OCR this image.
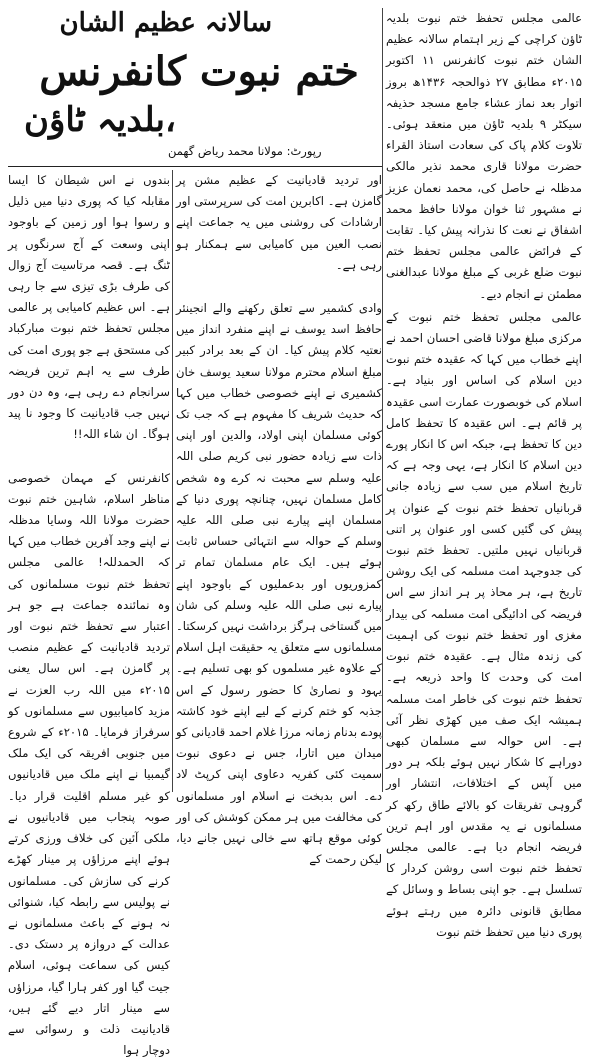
عالمی مجلس تحفظ ختم نبوت بلدیہ ٹاؤن کراچی کے زیر اہتمام سالانہ عظیم الشان ختم نبوت کانفرنس ۱۱ اکتوبر ۲۰۱۵ء مطابق ۲۷ ذوالحجہ ۱۴۳۶ھ بروز اتوار بعد نماز عشاء جامع مسجد حذیفہ سیکٹر ۹ بلدیہ ٹاؤن میں منعقد ہوئی۔ تلاوت کلام پاک کی سعادت استاذ القراء حضرت مولانا قاری محمد نذیر مالکی مدظلہ نے حاصل کی، محمد نعمان عزیز نے مشہور ثنا خوان مولانا حافظ محمد اشفاق نے نعت کا نذرانہ پیش کیا۔ تقابت کے فرائض عالمی مجلس تحفظ ختم نبوت ضلع غربی کے مبلغ مولانا عبدالغنی مطمئن نے انجام دیے۔

عالمی مجلس تحفظ ختم نبوت کے مرکزی مبلغ مولانا قاضی احسان احمد نے اپنے خطاب میں کہا کہ عقیدہ ختم نبوت دین اسلام کی اساس اور بنیاد ہے۔ اسلام کی خوبصورت عمارت اسی عقیدہ پر قائم ہے۔ اس عقیدہ کا تحفظ کامل دین کا تحفظ ہے، جبکہ اس کا انکار پورے دین اسلام کا انکار ہے، یہی وجہ ہے کہ تاریخ اسلام میں سب سے زیادہ جانی قربانیاں تحفظ ختم نبوت کے عنوان پر پیش کی گئیں کسی اور عنوان پر اتنی قربانیاں نہیں ملتیں۔ تحفظ ختم نبوت کی جدوجہد امت مسلمہ کی ایک روشن تاریخ ہے، ہر محاذ پر ہر انداز سے اس فریضہ کی ادائیگی امت مسلمہ کی بیدار مغزی اور تحفظ ختم نبوت کی اہمیت کی زندہ مثال ہے۔ عقیدہ ختم نبوت امت کی وحدت کا واحد ذریعہ ہے۔ تحفظ ختم نبوت کی خاطر امت مسلمہ ہمیشہ ایک صف میں کھڑی نظر آئی ہے۔ اس حوالہ سے مسلمان کبھی دوراہے کا شکار نہیں ہوئے بلکہ ہر دور میں آپس کے اختلافات، انتشار اور گروہی تفریقات کو بالائے طاق رکھ کر مسلمانوں نے یہ مقدس اور اہم ترین فریضہ انجام دیا ہے۔ عالمی مجلس تحفظ ختم نبوت اسی روشن کردار کا تسلسل ہے۔ جو اپنی بساط و وسائل کے مطابق قانونی دائرہ میں رہتے ہوئے پوری دنیا میں تحفظ ختم نبوت

سالانہ عظیم الشان
ختم نبوت کانفرنس
،بلدیہ ٹاؤن
رپورٹ: مولانا محمد ریاض گھمن

اور تردید قادیانیت کے عظیم مشن پر گامزن ہے۔ اکابرین امت کی سرپرستی اور ارشادات کی روشنی میں یہ جماعت اپنے نصب العین میں کامیابی سے ہمکنار ہو رہی ہے۔

وادی کشمیر سے تعلق رکھنے والے انجینئر حافظ اسد یوسف نے اپنے منفرد انداز میں نعتیہ کلام پیش کیا۔ ان کے بعد برادر کبیر مبلغ اسلام محترم مولانا سعید یوسف خان کشمیری نے اپنے خصوصی خطاب میں کہا کہ حدیث شریف کا مفہوم ہے کہ جب تک کوئی مسلمان اپنی اولاد، والدین اور اپنی ذات سے زیادہ حضور نبی کریم صلی اللہ علیہ وسلم سے محبت نہ کرے وہ شخص کامل مسلمان نہیں، چنانچہ پوری دنیا کے مسلمان اپنے پیارے نبی صلی اللہ علیہ وسلم کے حوالہ سے انتہائی حساس ثابت ہوئے ہیں۔ ایک عام مسلمان تمام تر کمزوریوں اور بدعملیوں کے باوجود اپنے پیارے نبی صلی اللہ علیہ وسلم کی شان میں گستاخی ہرگز برداشت نہیں کرسکتا۔ مسلمانوں سے متعلق یہ حقیقت اہل اسلام کے علاوہ غیر مسلموں کو بھی تسلیم ہے۔ یہود و نصاریٰ کا حضور رسول کے اس جذبہ کو ختم کرنے کے لیے اپنے خود کاشتہ پودے بدنام زمانہ مرزا غلام احمد قادیانی کو میدان میں اتارا، جس نے دعوی نبوت سمیت کئی کفریہ دعاوی اپنی کرپٹ لاد دے۔ اس بدبخت نے اسلام اور مسلمانوں کی مخالفت میں ہر ممکن کوشش کی اور کوئی موقع ہاتھ سے خالی نہیں جانے دیا، لیکن رحمت کے

بندوں نے اس شیطان کا ایسا مقابلہ کیا کہ پوری دنیا میں ذلیل و رسوا ہوا اور زمین کے باوجود اپنی وسعت کے آج سرنگوں پر ٹنگ ہے۔ قصہ مرتاسیت آج زوال کی طرف بڑی تیزی سے جا رہی ہے۔ اس عظیم کامیابی پر عالمی مجلس تحفظ ختم نبوت مبارکباد کی مستحق ہے جو پوری امت کی طرف سے یہ اہم ترین فریضہ سرانجام دے رہی ہے، وہ دن دور نہیں جب قادیانیت کا وجود نا پید ہوگا۔ ان شاء اللہ!!

کانفرنس کے مہمان خصوصی مناظر اسلام، شاہین ختم نبوت حضرت مولانا اللہ وسایا مدظلہ نے اپنے وجد آفرین خطاب میں کہا کہ الحمدللہ! عالمی مجلس تحفظ ختم نبوت مسلمانوں کی وہ نمائندہ جماعت ہے جو ہر اعتبار سے تحفظ ختم نبوت اور تردید قادیانیت کے عظیم منصب پر گامزن ہے۔ اس سال یعنی ۲۰۱۵ء میں اللہ رب العزت نے مزید کامیابیوں سے مسلمانوں کو سرفراز فرمایا۔ ۲۰۱۵ء کے شروع میں جنوبی افریقہ کی ایک ملک گیمبیا نے اپنے ملک میں قادیانیوں کو غیر مسلم اقلیت قرار دیا۔ صوبہ پنجاب میں قادیانیوں نے ملکی آئین کی خلاف ورزی کرتے ہوئے اپنے مرزاؤں پر مینار کھڑے کرنے کی سازش کی۔ مسلمانوں نے پولیس سے رابطہ کیا، شنوائی نہ ہونے کے باعث مسلمانوں نے عدالت کے دروازہ پر دستک دی۔ کیس کی سماعت ہوئی، اسلام جیت گیا اور کفر ہارا گیا، مرزاؤں سے مینار اتار دیے گئے ہیں، قادیانیت ذلت و رسوائی سے دوچار ہوا
